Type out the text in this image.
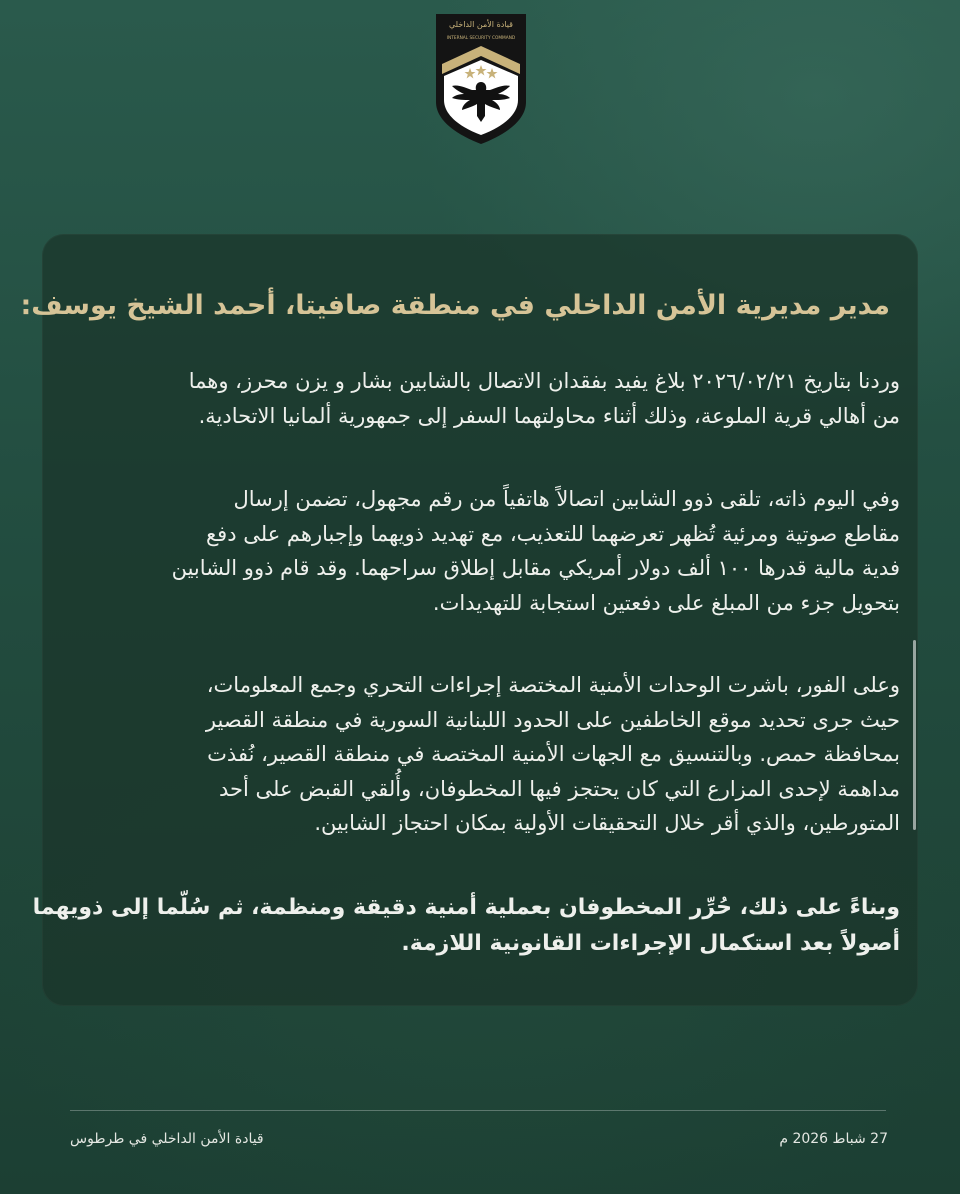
قيادة الأمن الداخلي
INTERNAL SECURITY COMMAND
مدير مديرية الأمن الداخلي في منطقة صافيتا، أحمد الشيخ يوسف:

وردنا بتاريخ ٢٠٢٦/٠٢/٢١ بلاغ يفيد بفقدان الاتصال بالشابين بشار و يزن محرز، وهما
من أهالي قرية الملوعة، وذلك أثناء محاولتهما السفر إلى جمهورية ألمانيا الاتحادية.

وفي اليوم ذاته، تلقى ذوو الشابين اتصالاً هاتفياً من رقم مجهول، تضمن إرسال
مقاطع صوتية ومرئية تُظهر تعرضهما للتعذيب، مع تهديد ذويهما وإجبارهم على دفع
فدية مالية قدرها ١٠٠ ألف دولار أمريكي مقابل إطلاق سراحهما. وقد قام ذوو الشابين
بتحويل جزء من المبلغ على دفعتين استجابة للتهديدات.

وعلى الفور، باشرت الوحدات الأمنية المختصة إجراءات التحري وجمع المعلومات،
حيث جرى تحديد موقع الخاطفين على الحدود اللبنانية السورية في منطقة القصير
بمحافظة حمص. وبالتنسيق مع الجهات الأمنية المختصة في منطقة القصير، نُفذت
مداهمة لإحدى المزارع التي كان يحتجز فيها المخطوفان، وأُلقي القبض على أحد
المتورطين، والذي أقر خلال التحقيقات الأولية بمكان احتجاز الشابين.

وبناءً على ذلك، حُرِّر المخطوفان بعملية أمنية دقيقة ومنظمة، ثم سُلّما إلى ذويهما
أصولاً بعد استكمال الإجراءات القانونية اللازمة.

قيادة الأمن الداخلي في طرطوس	27 شباط 2026 م
